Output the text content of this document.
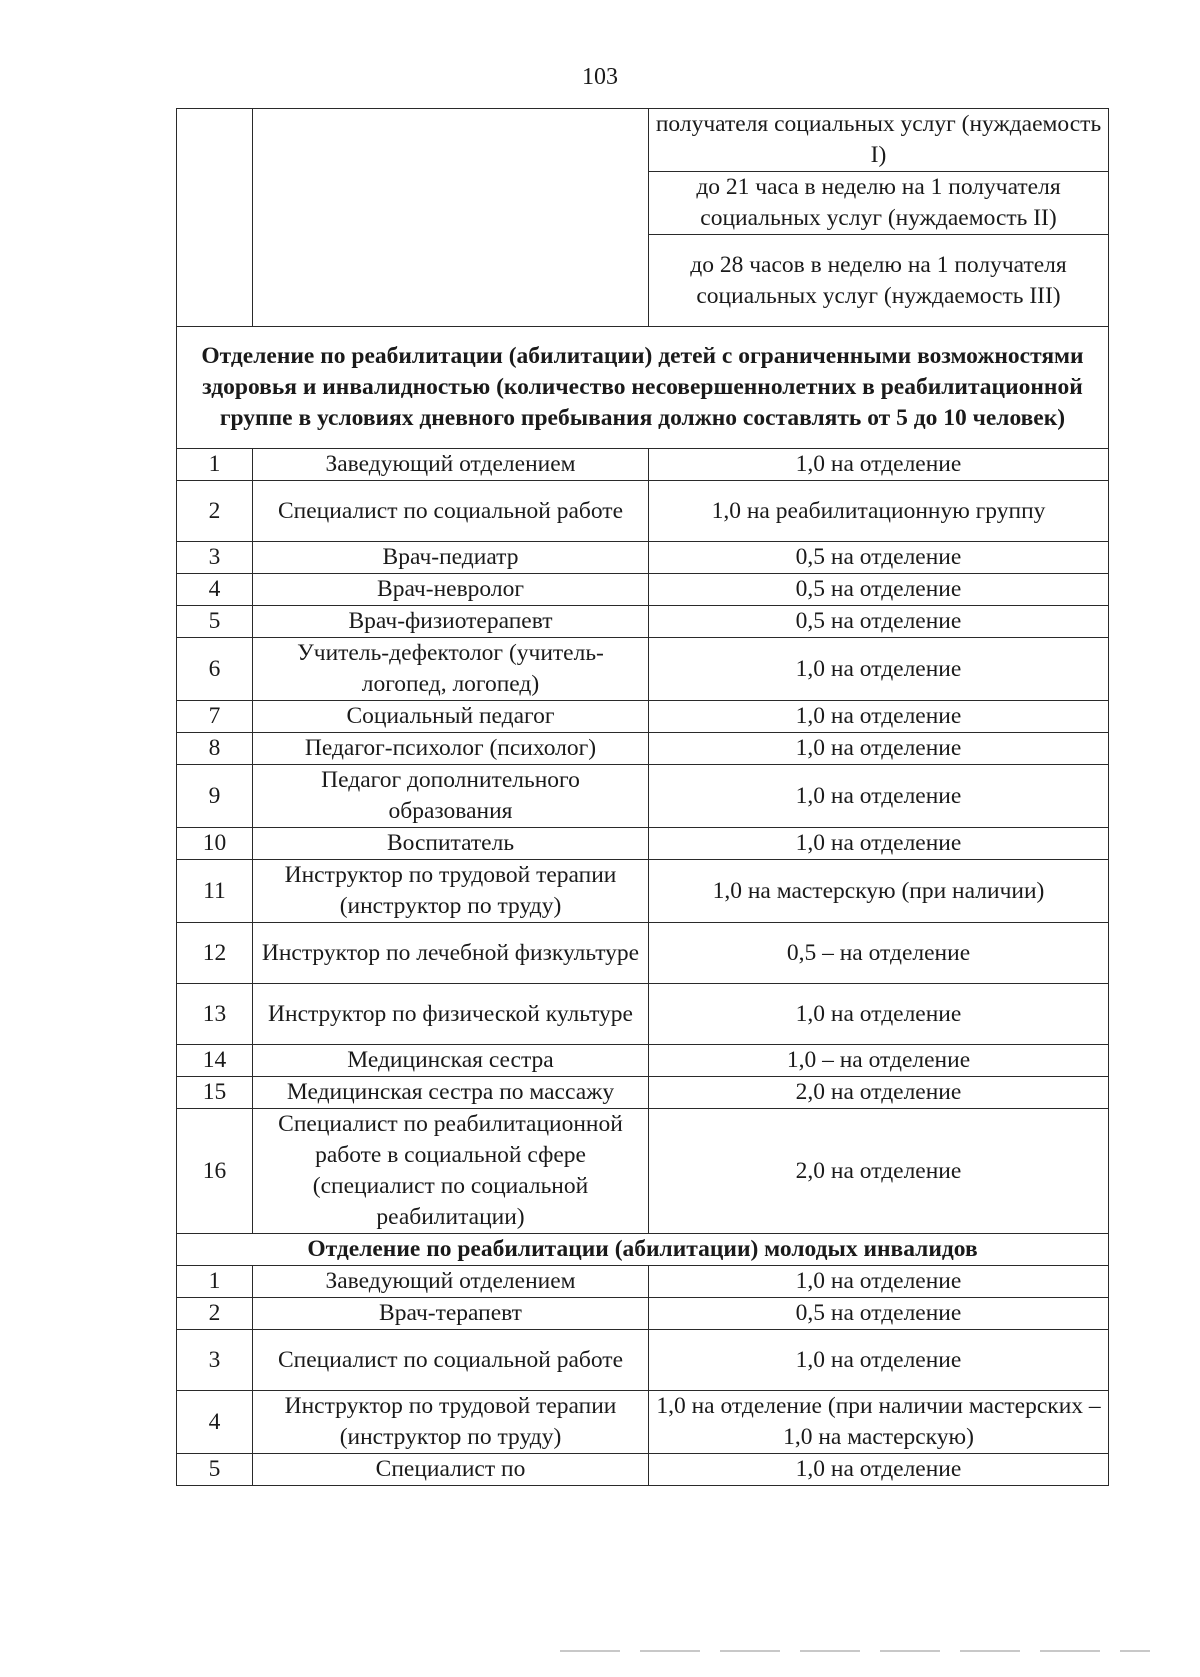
103
		получателя социальных услуг (нуждаемость I)
		до 21 часа в неделю на 1 получателя социальных услуг (нуждаемость II)
		до 28 часов в неделю на 1 получателя социальных услуг (нуждаемость III)
Отделение по реабилитации (абилитации) детей с ограниченными возможностями здоровья и инвалидностью (количество несовершеннолетних в реабилитационной группе в условиях дневного пребывания должно составлять от 5 до 10 человек)		
1	Заведующий отделением	1,0 на отделение
2	Специалист по социальной работе	1,0 на реабилитационную группу
3	Врач-педиатр	0,5 на отделение
4	Врач-невролог	0,5 на отделение
5	Врач-физиотерапевт	0,5 на отделение
6	Учитель-дефектолог (учитель-логопед, логопед)	1,0 на отделение
7	Социальный педагог	1,0 на отделение
8	Педагог-психолог (психолог)	1,0 на отделение
9	Педагог дополнительного образования	1,0 на отделение
10	Воспитатель	1,0 на отделение
11	Инструктор по трудовой терапии (инструктор по труду)	1,0 на мастерскую (при наличии)
12	Инструктор по лечебной физкультуре	0,5 – на отделение
13	Инструктор по физической культуре	1,0 на отделение
14	Медицинская сестра	1,0 – на отделение
15	Медицинская сестра по массажу	2,0 на отделение
16	Специалист по реабилитационной работе в социальной сфере (специалист по социальной реабилитации)	2,0 на отделение
Отделение по реабилитации (абилитации) молодых инвалидов		
1	Заведующий отделением	1,0 на отделение
2	Врач-терапевт	0,5 на отделение
3	Специалист по социальной работе	1,0 на отделение
4	Инструктор по трудовой терапии (инструктор по труду)	1,0 на отделение (при наличии мастерских – 1,0 на мастерскую)
5	Специалист по	1,0 на отделение
